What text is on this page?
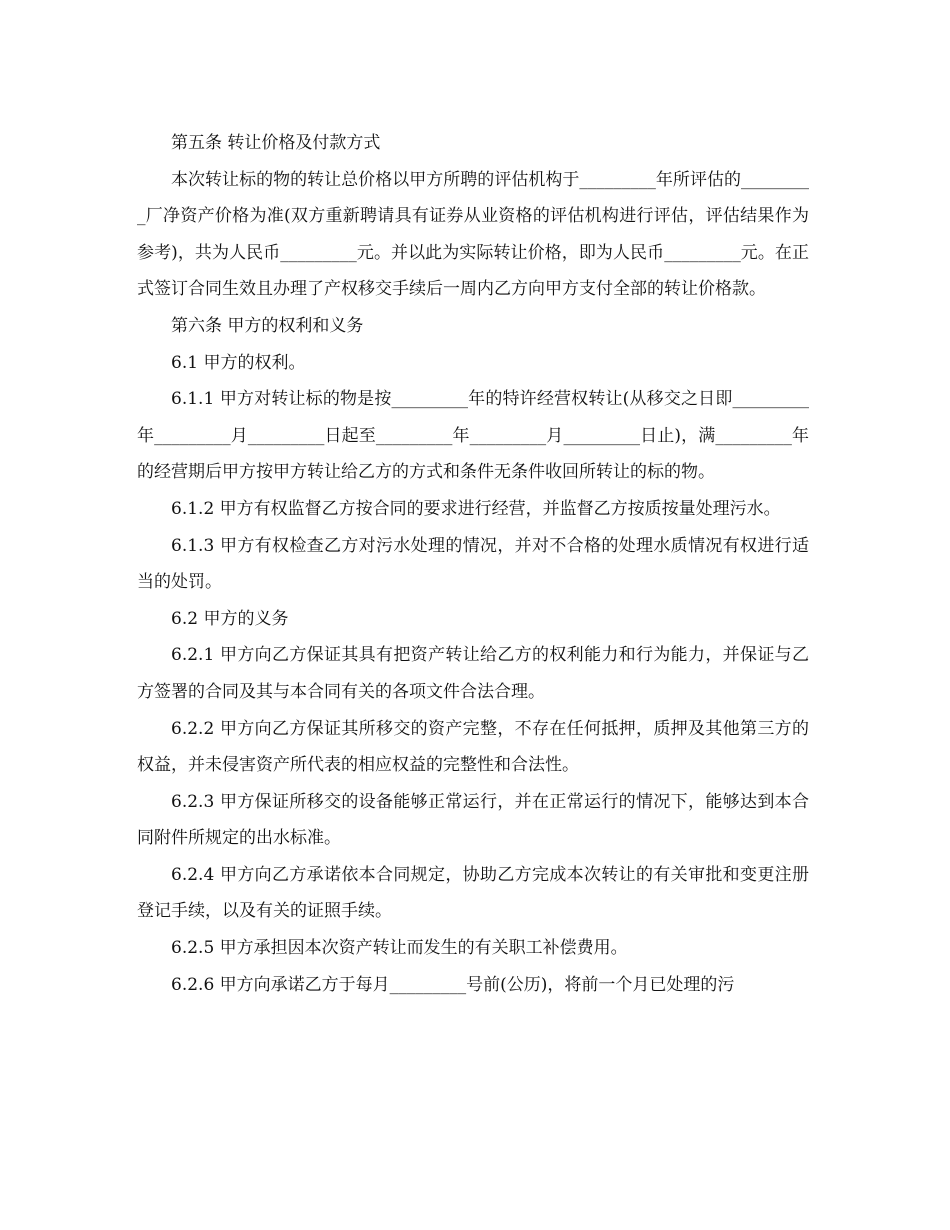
第五条 转让价格及付款方式

本次转让标的物的转让总价格以甲方所聘的评估机构于_________年所评估的_________厂净资产价格为准(双方重新聘请具有证券从业资格的评估机构进行评估，评估结果作为参考)，共为人民币_________元。并以此为实际转让价格，即为人民币_________元。在正式签订合同生效且办理了产权移交手续后一周内乙方向甲方支付全部的转让价格款。

第六条 甲方的权利和义务

6.1 甲方的权利。

6.1.1 甲方对转让标的物是按_________年的特许经营权转让(从移交之日即_________年_________月_________日起至_________年_________月_________日止)，满_________年的经营期后甲方按甲方转让给乙方的方式和条件无条件收回所转让的标的物。

6.1.2 甲方有权监督乙方按合同的要求进行经营，并监督乙方按质按量处理污水。

6.1.3 甲方有权检查乙方对污水处理的情况，并对不合格的处理水质情况有权进行适当的处罚。

6.2 甲方的义务

6.2.1 甲方向乙方保证其具有把资产转让给乙方的权利能力和行为能力，并保证与乙方签署的合同及其与本合同有关的各项文件合法合理。

6.2.2 甲方向乙方保证其所移交的资产完整，不存在任何抵押，质押及其他第三方的权益，并未侵害资产所代表的相应权益的完整性和合法性。

6.2.3 甲方保证所移交的设备能够正常运行，并在正常运行的情况下，能够达到本合同附件所规定的出水标准。

6.2.4 甲方向乙方承诺依本合同规定，协助乙方完成本次转让的有关审批和变更注册登记手续，以及有关的证照手续。

6.2.5 甲方承担因本次资产转让而发生的有关职工补偿费用。

6.2.6 甲方向承诺乙方于每月_________号前(公历)，将前一个月已处理的污
